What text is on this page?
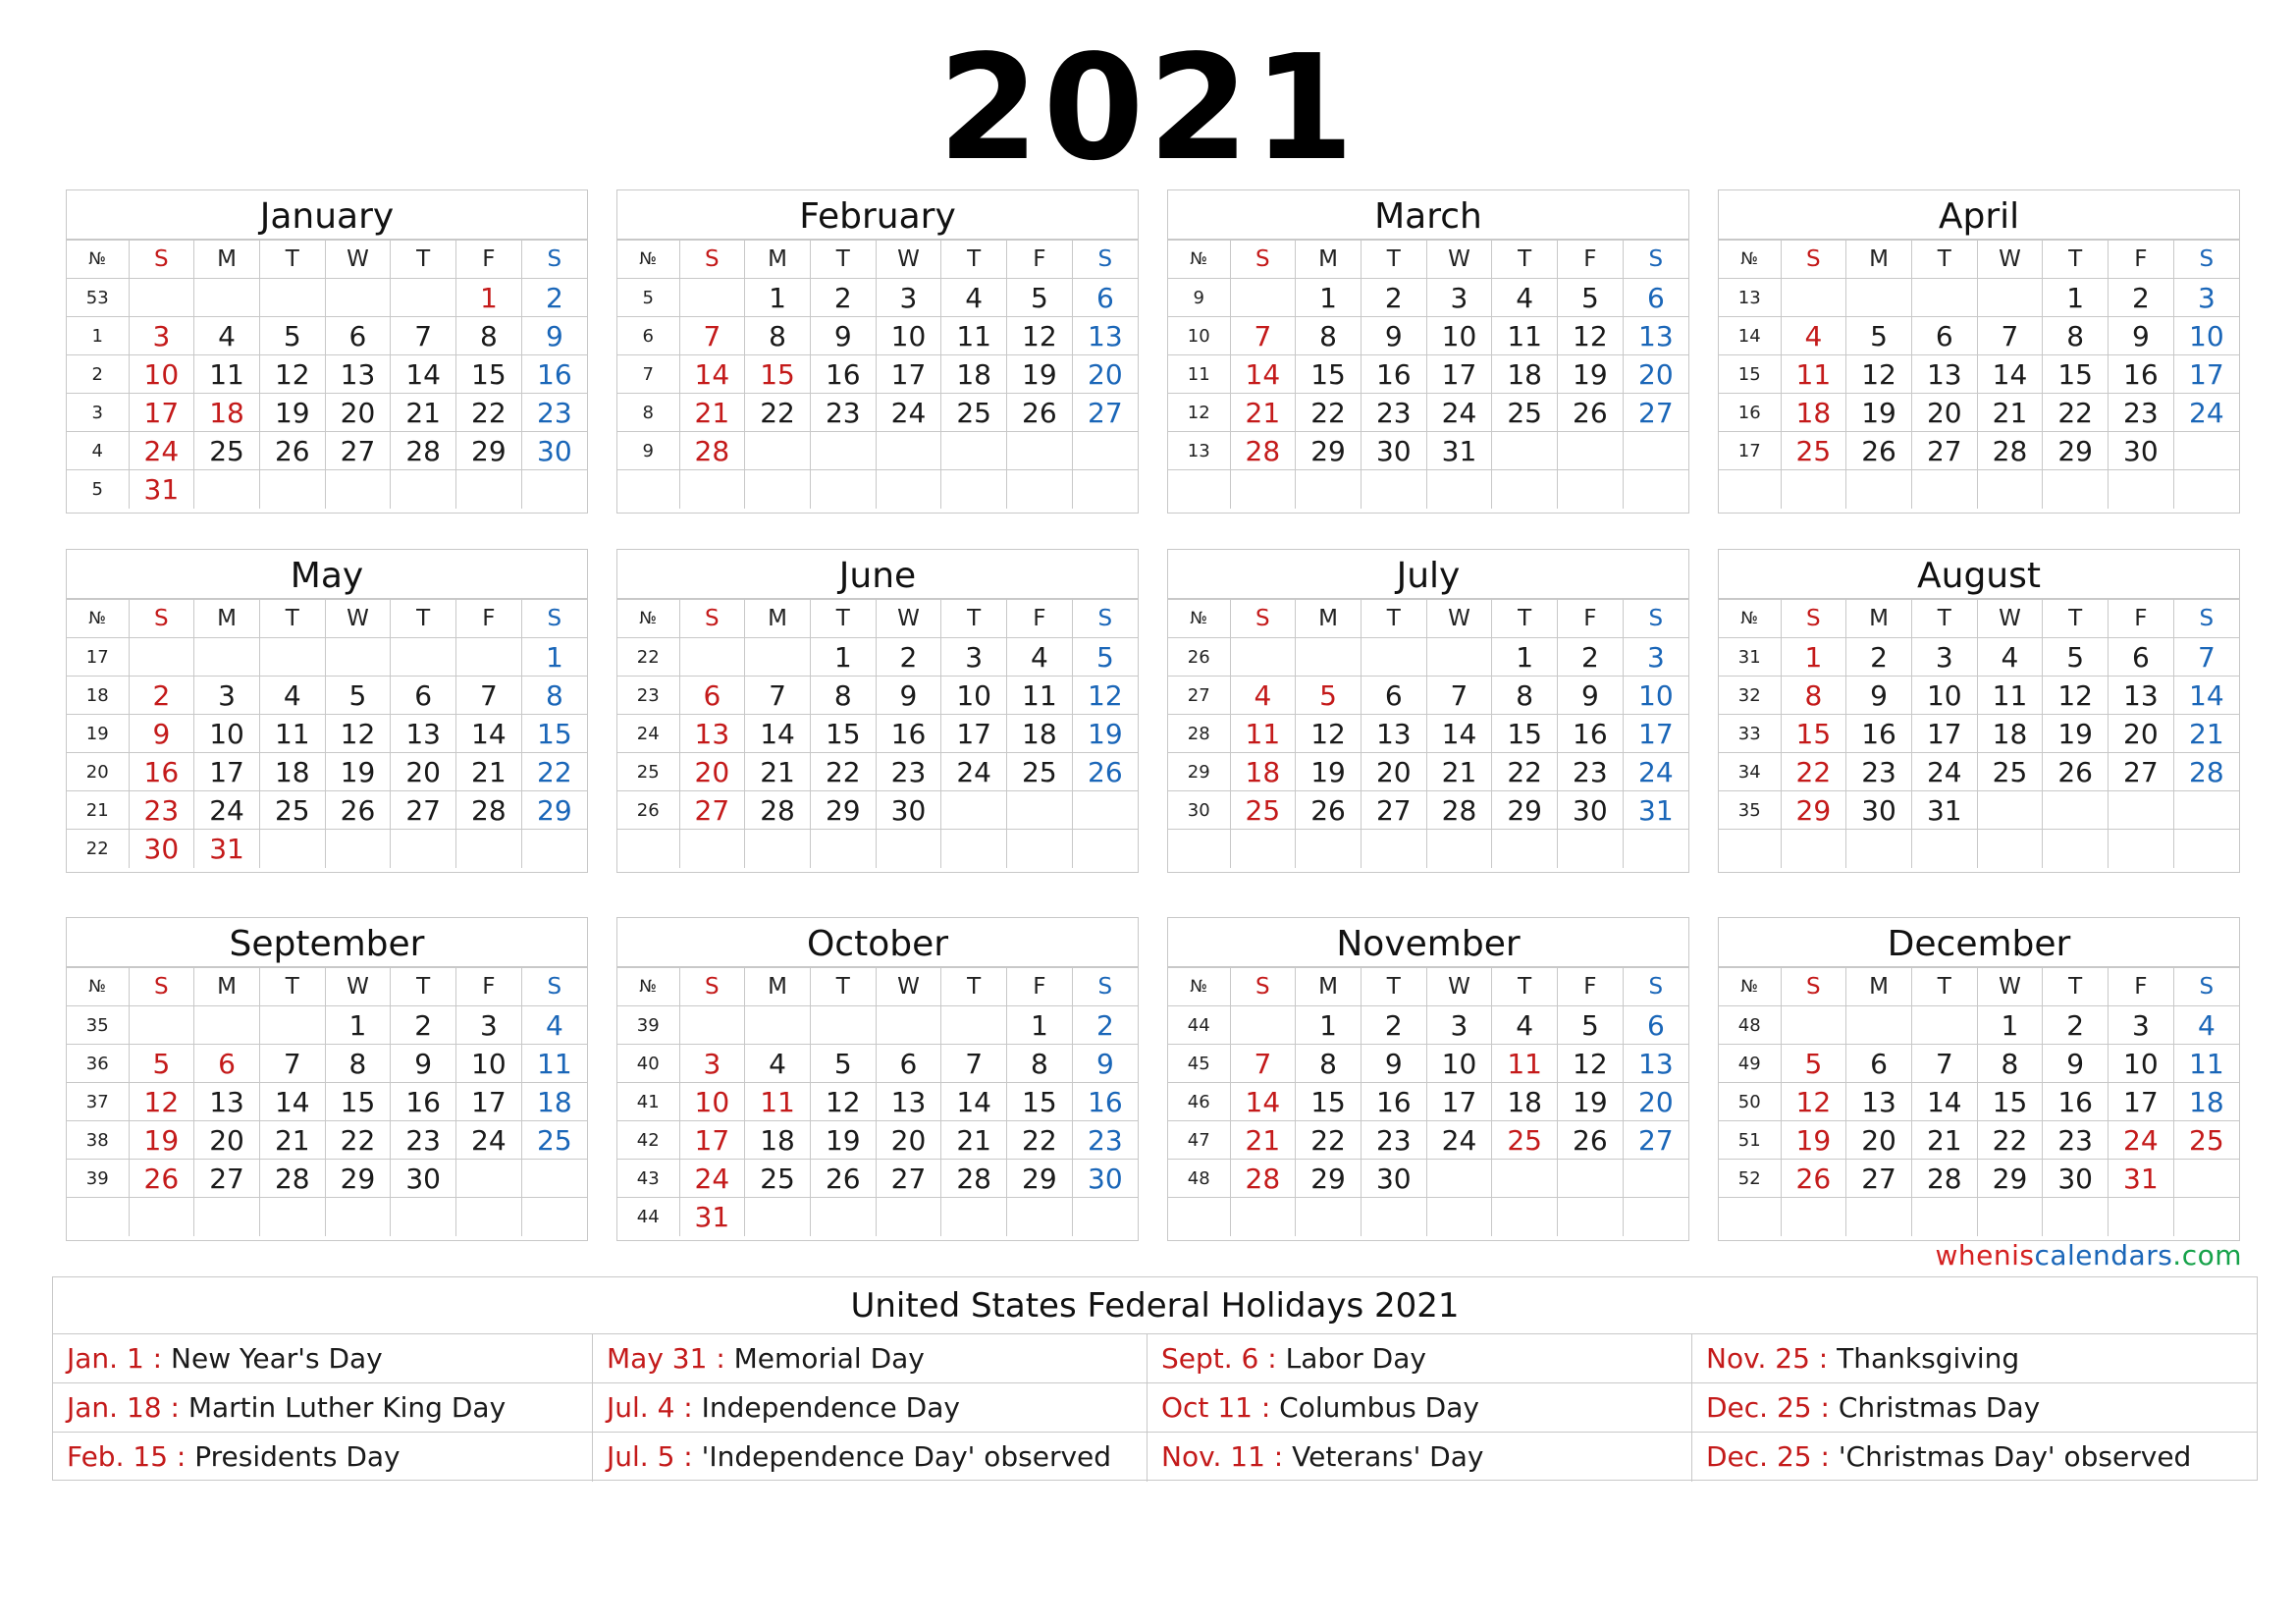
2021
January
№	S	M	T	W	T	F	S
53						1	2
1	3	4	5	6	7	8	9
2	10	11	12	13	14	15	16
3	17	18	19	20	21	22	23
4	24	25	26	27	28	29	30
5	31						
February
№	S	M	T	W	T	F	S
5		1	2	3	4	5	6
6	7	8	9	10	11	12	13
7	14	15	16	17	18	19	20
8	21	22	23	24	25	26	27
9	28						

March
№	S	M	T	W	T	F	S
9		1	2	3	4	5	6
10	7	8	9	10	11	12	13
11	14	15	16	17	18	19	20
12	21	22	23	24	25	26	27
13	28	29	30	31			

April
№	S	M	T	W	T	F	S
13					1	2	3
14	4	5	6	7	8	9	10
15	11	12	13	14	15	16	17
16	18	19	20	21	22	23	24
17	25	26	27	28	29	30	

May
№	S	M	T	W	T	F	S
17							1
18	2	3	4	5	6	7	8
19	9	10	11	12	13	14	15
20	16	17	18	19	20	21	22
21	23	24	25	26	27	28	29
22	30	31					
June
№	S	M	T	W	T	F	S
22			1	2	3	4	5
23	6	7	8	9	10	11	12
24	13	14	15	16	17	18	19
25	20	21	22	23	24	25	26
26	27	28	29	30			

July
№	S	M	T	W	T	F	S
26					1	2	3
27	4	5	6	7	8	9	10
28	11	12	13	14	15	16	17
29	18	19	20	21	22	23	24
30	25	26	27	28	29	30	31

August
№	S	M	T	W	T	F	S
31	1	2	3	4	5	6	7
32	8	9	10	11	12	13	14
33	15	16	17	18	19	20	21
34	22	23	24	25	26	27	28
35	29	30	31				

September
№	S	M	T	W	T	F	S
35				1	2	3	4
36	5	6	7	8	9	10	11
37	12	13	14	15	16	17	18
38	19	20	21	22	23	24	25
39	26	27	28	29	30		

October
№	S	M	T	W	T	F	S
39						1	2
40	3	4	5	6	7	8	9
41	10	11	12	13	14	15	16
42	17	18	19	20	21	22	23
43	24	25	26	27	28	29	30
44	31						
November
№	S	M	T	W	T	F	S
44		1	2	3	4	5	6
45	7	8	9	10	11	12	13
46	14	15	16	17	18	19	20
47	21	22	23	24	25	26	27
48	28	29	30				

December
№	S	M	T	W	T	F	S
48				1	2	3	4
49	5	6	7	8	9	10	11
50	12	13	14	15	16	17	18
51	19	20	21	22	23	24	25
52	26	27	28	29	30	31	

wheniscalendars.com
United States Federal Holidays 2021
Jan. 1 : New Year's Day	May 31 : Memorial Day	Sept. 6 : Labor Day	Nov. 25 : Thanksgiving
Jan. 18 : Martin Luther King Day	Jul. 4 : Independence Day	Oct 11 : Columbus Day	Dec. 25 : Christmas Day
Feb. 15 : Presidents Day	Jul. 5 : 'Independence Day' observed	Nov. 11 : Veterans' Day	Dec. 25 : 'Christmas Day' observed
